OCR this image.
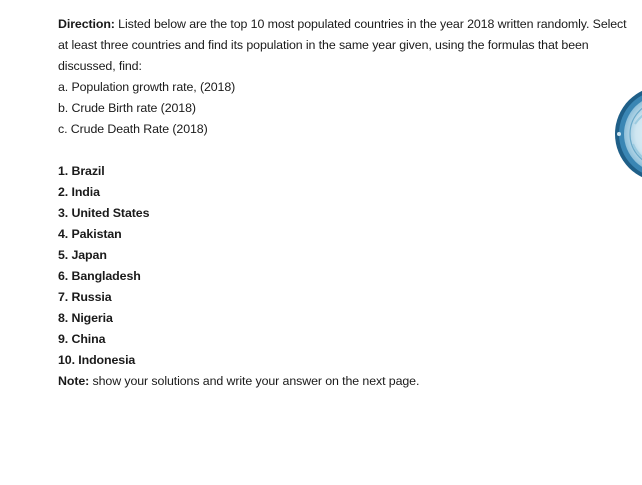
Direction: Listed below are the top 10 most populated countries in the year 2018 written randomly. Select at least three countries and find its population in the same year given, using the formulas that been discussed, find:

a. Population growth rate, (2018)
b. Crude Birth rate (2018)
c. Crude Death Rate (2018)
1. Brazil
2. India
3. United States
4. Pakistan
5. Japan
6. Bangladesh
7. Russia
8. Nigeria
9. China
10. Indonesia

Note: show your solutions and write your answer on the next page.
